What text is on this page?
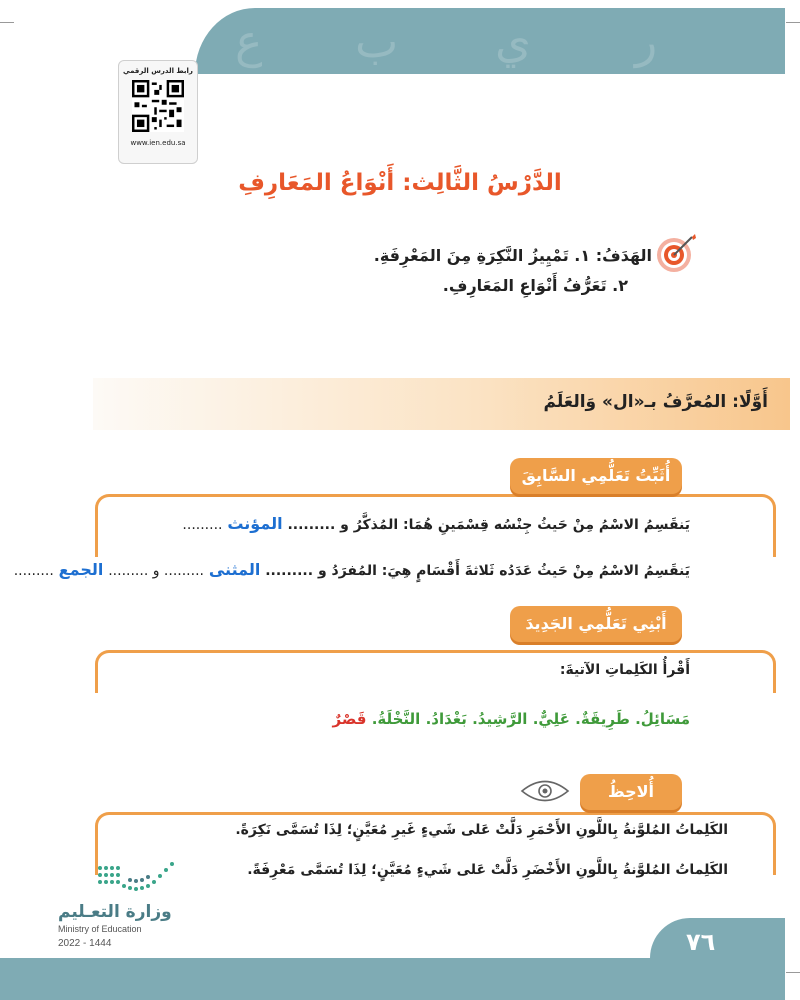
ع ب ي ر
رابط الدرس الرقمي
www.ien.edu.sa
الدَّرْسُ الثَّالِث: أَنْوَاعُ المَعَارِفِ
الهَدَفُ: ١. تَمْيِيزُ النَّكِرَةِ مِنَ المَعْرِفَةِ.
٢. تَعَرُّفُ أَنْوَاعِ المَعَارِفِ.
أَوَّلًا: المُعرَّفُ بـ«ال» وَالعَلَمُ
أُثَبِّتُ تَعَلُّمِي السَّابِقَ
يَنقَسِمُ الاسْمُ مِنْ حَيثُ جِنْسُه قِسْمَينِ هُمَا: المُذكَّرُ و ......... المؤنث .........
يَنقَسِمُ الاسْمُ مِنْ حَيثُ عَدَدُه ثَلاثةَ أَقْسَامٍ هِيَ: المُفرَدُ و ......... المثنى ......... و ......... الجمع .........
أَبْنِي تَعَلُّمِي الجَدِيدَ
أَقْرأُ الكَلِماتِ الآتيةَ:
مَسَائِلُ. طَرِيقَةٌ. عَلِيٌّ. الرَّشِيدُ. بَغْدَادُ. النَّخْلَةُ. قَصْرٌ
أُلاحِظُ
الكَلِماتُ المُلوَّنةُ بِاللَّونِ الأَحْمَرِ دَلَّتْ عَلى شَيءٍ غَيرِ مُعَيَّنٍ؛ لِذَا تُسَمَّى نَكِرَةً.
الكَلِماتُ المُلوَّنةُ بِاللَّونِ الأَخْضَرِ دَلَّتْ عَلى شَيءٍ مُعَيَّنٍ؛ لِذَا تُسَمَّى مَعْرِفَةً.
وزارة التعـليم
Ministry of Education
2022 - 1444	٧٦
